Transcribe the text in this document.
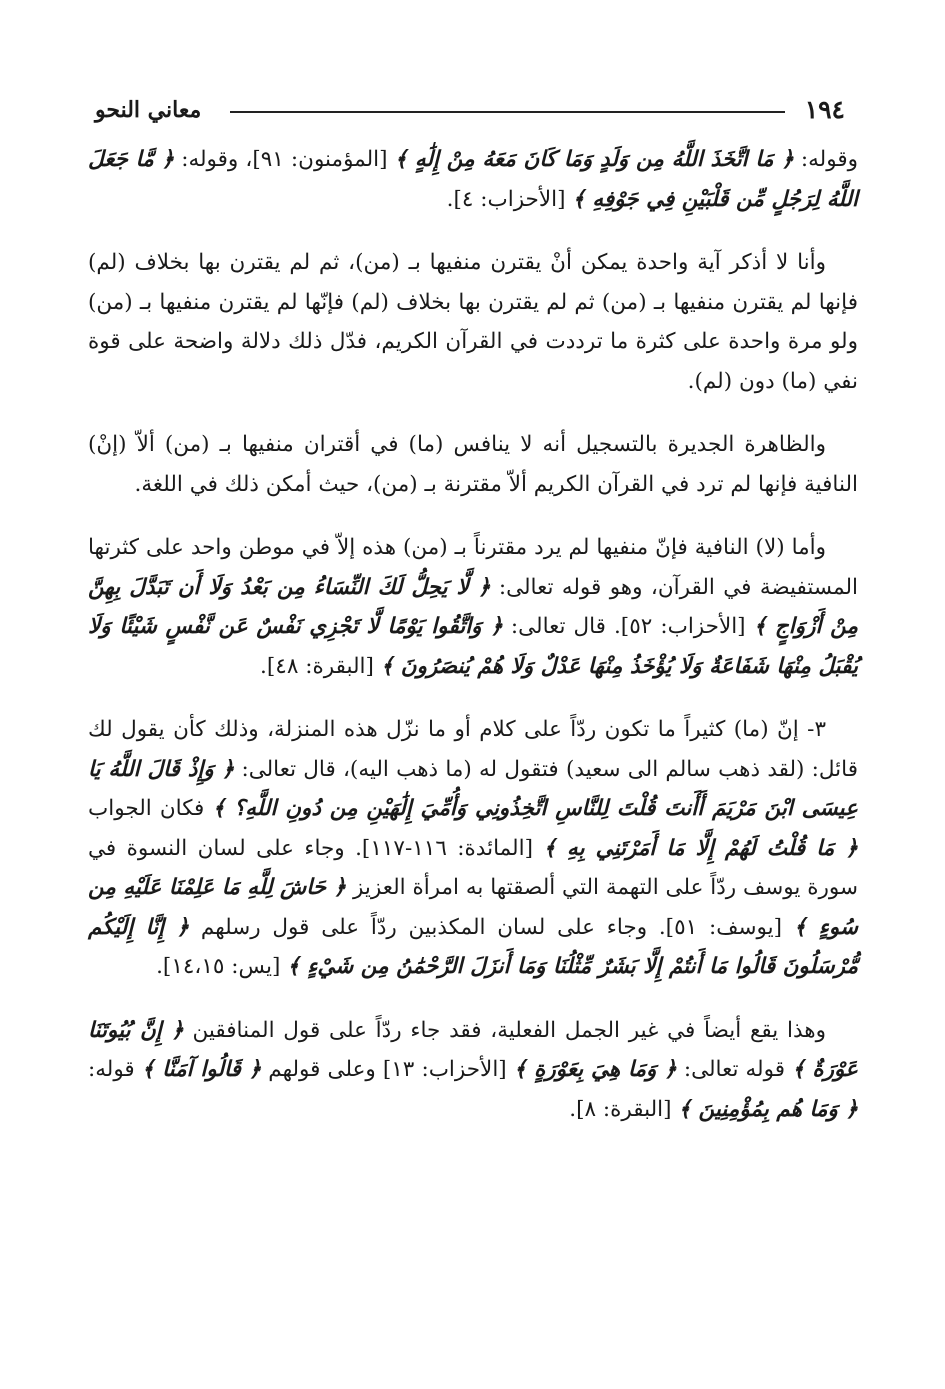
١٩٤
معاني النحو

وقوله: ﴿ مَا اتَّخَذَ اللَّهُ مِن وَلَدٍ وَمَا كَانَ مَعَهُ مِنْ إِلَٰهٍ ﴾ [المؤمنون: ٩١]، وقوله: ﴿ مَّا جَعَلَ اللَّهُ لِرَجُلٍ مِّن قَلْبَيْنِ فِي جَوْفِهِ ﴾ [الأحزاب: ٤].

وأنا لا أذكر آية واحدة يمكن أنْ يقترن منفيها بـ (من)، ثم لم يقترن بها بخلاف (لم) فإنها لم يقترن منفيها بـ (من) ثم لم يقترن بها بخلاف (لم) فإنّها لم يقترن منفيها بـ (من) ولو مرة واحدة على كثرة ما ترددت في القرآن الكريم، فدّل ذلك دلالة واضحة على قوة نفي (ما) دون (لم).

والظاهرة الجديرة بالتسجيل أنه لا ينافس (ما) في أقتران منفيها بـ (من) ألاّ (إنْ) النافية فإنها لم ترد في القرآن الكريم ألاّ مقترنة بـ (من)، حيث أمكن ذلك في اللغة.

وأما (لا) النافية فإنّ منفيها لم يرد مقترناً بـ (من) هذه إلاّ في موطن واحد على كثرتها المستفيضة في القرآن، وهو قوله تعالى: ﴿ لَّا يَحِلُّ لَكَ النِّسَاءُ مِن بَعْدُ وَلَا أَن تَبَدَّلَ بِهِنَّ مِنْ أَزْوَاجٍ ﴾ [الأحزاب: ٥٢]. قال تعالى: ﴿ وَاتَّقُوا يَوْمًا لَّا تَجْزِي نَفْسٌ عَن نَّفْسٍ شَيْئًا وَلَا يُقْبَلُ مِنْهَا شَفَاعَةٌ وَلَا يُؤْخَذُ مِنْهَا عَدْلٌ وَلَا هُمْ يُنصَرُونَ ﴾ [البقرة: ٤٨].

٣- إنّ (ما) كثيراً ما تكون ردّاً على كلام أو ما نزّل هذه المنزلة، وذلك كأن يقول لك قائل: (لقد ذهب سالم الى سعيد) فتقول له (ما ذهب اليه)، قال تعالى: ﴿ وَإِذْ قَالَ اللَّهُ يَا عِيسَى ابْنَ مَرْيَمَ أَأَنتَ قُلْتَ لِلنَّاسِ اتَّخِذُونِي وَأُمِّيَ إِلَٰهَيْنِ مِن دُونِ اللَّهِ؟ ﴾ فكان الجواب ﴿ مَا قُلْتُ لَهُمْ إِلَّا مَا أَمَرْتَنِي بِهِ ﴾ [المائدة: ١١٦-١١٧]. وجاء على لسان النسوة في سورة يوسف ردّاً على التهمة التي ألصقتها به امرأة العزيز ﴿ حَاشَ لِلَّهِ مَا عَلِمْنَا عَلَيْهِ مِن سُوءٍ ﴾ [يوسف: ٥١]. وجاء على لسان المكذبين ردّاً على قول رسلهم ﴿ إِنَّا إِلَيْكُم مُّرْسَلُونَ قَالُوا مَا أَنتُمْ إِلَّا بَشَرٌ مِّثْلُنَا وَمَا أَنزَلَ الرَّحْمَٰنُ مِن شَيْءٍ ﴾ [يس: ١٤،١٥].

وهذا يقع أيضاً في غير الجمل الفعلية، فقد جاء ردّاً على قول المنافقين ﴿ إِنَّ بُيُوتَنَا عَوْرَةٌ ﴾ قوله تعالى: ﴿ وَمَا هِيَ بِعَوْرَةٍ ﴾ [الأحزاب: ١٣] وعلى قولهم ﴿ قَالُوا آمَنَّا ﴾ قوله: ﴿ وَمَا هُم بِمُؤْمِنِينَ ﴾ [البقرة: ٨].
